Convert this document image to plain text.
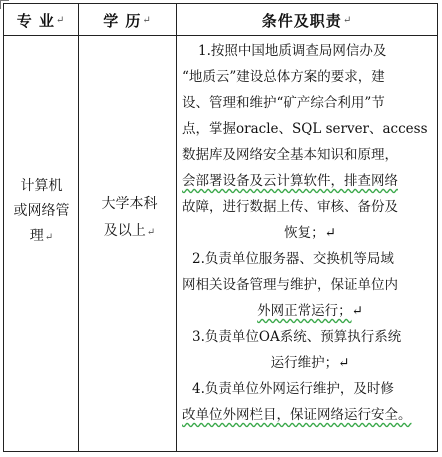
专 业 ↵	学 历 ↵	条件及职责 ↵
计算机
或网络管
理↵
大学本科
及以上↵
1.按照中国地质调查局网信办及
“地质云”建设总体方案的要求，建
设、管理和维护“矿产综合利用”节
点，掌握oracle、SQL server、access
数据库及网络安全基本知识和原理，
会部署设备及云计算软件，排查网络
故障，进行数据上传、审核、备份及
恢复；↵
2.负责单位服务器、交换机等局域
网相关设备管理与维护，保证单位内
外网正常运行；↵
3.负责单位OA系统、预算执行系统
运行维护；↵
4.负责单位外网运行维护，及时修
改单位外网栏目，保证网络运行安全。
